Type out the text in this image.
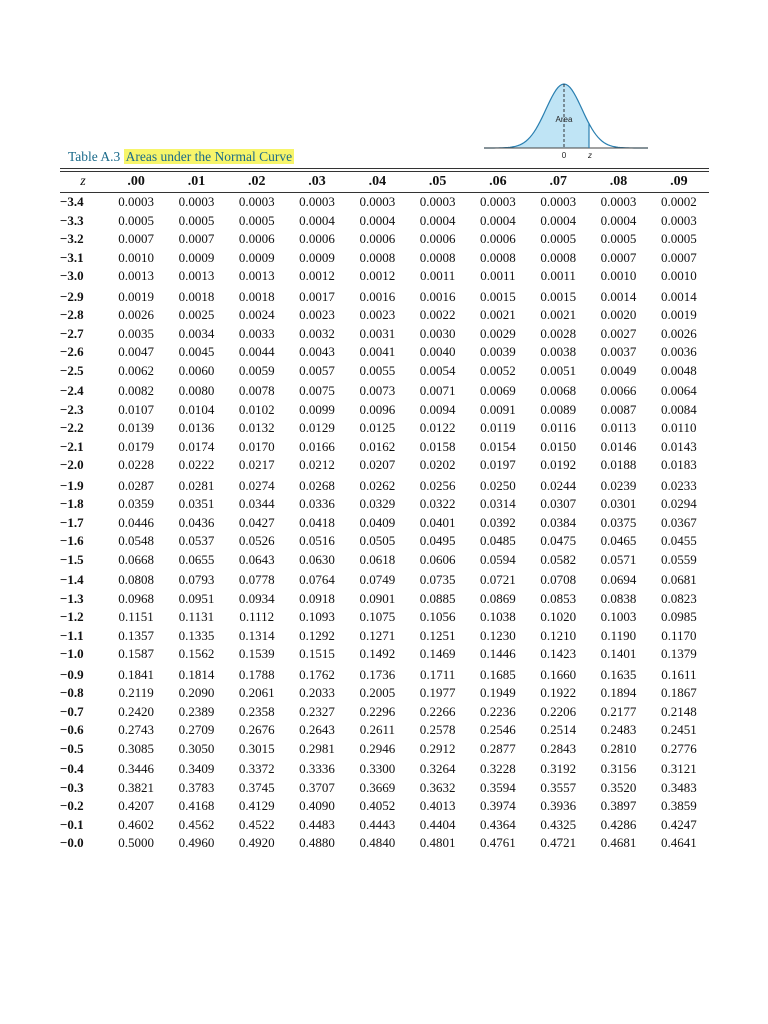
Area
0	z
Table A.3 Areas under the Normal Curve
z	.00	.01	.02	.03	.04	.05	.06	.07	.08	.09
−3.4	0.0003	0.0003	0.0003	0.0003	0.0003	0.0003	0.0003	0.0003	0.0003	0.0002
−3.3	0.0005	0.0005	0.0005	0.0004	0.0004	0.0004	0.0004	0.0004	0.0004	0.0003
−3.2	0.0007	0.0007	0.0006	0.0006	0.0006	0.0006	0.0006	0.0005	0.0005	0.0005
−3.1	0.0010	0.0009	0.0009	0.0009	0.0008	0.0008	0.0008	0.0008	0.0007	0.0007
−3.0	0.0013	0.0013	0.0013	0.0012	0.0012	0.0011	0.0011	0.0011	0.0010	0.0010
−2.9	0.0019	0.0018	0.0018	0.0017	0.0016	0.0016	0.0015	0.0015	0.0014	0.0014
−2.8	0.0026	0.0025	0.0024	0.0023	0.0023	0.0022	0.0021	0.0021	0.0020	0.0019
−2.7	0.0035	0.0034	0.0033	0.0032	0.0031	0.0030	0.0029	0.0028	0.0027	0.0026
−2.6	0.0047	0.0045	0.0044	0.0043	0.0041	0.0040	0.0039	0.0038	0.0037	0.0036
−2.5	0.0062	0.0060	0.0059	0.0057	0.0055	0.0054	0.0052	0.0051	0.0049	0.0048
−2.4	0.0082	0.0080	0.0078	0.0075	0.0073	0.0071	0.0069	0.0068	0.0066	0.0064
−2.3	0.0107	0.0104	0.0102	0.0099	0.0096	0.0094	0.0091	0.0089	0.0087	0.0084
−2.2	0.0139	0.0136	0.0132	0.0129	0.0125	0.0122	0.0119	0.0116	0.0113	0.0110
−2.1	0.0179	0.0174	0.0170	0.0166	0.0162	0.0158	0.0154	0.0150	0.0146	0.0143
−2.0	0.0228	0.0222	0.0217	0.0212	0.0207	0.0202	0.0197	0.0192	0.0188	0.0183
−1.9	0.0287	0.0281	0.0274	0.0268	0.0262	0.0256	0.0250	0.0244	0.0239	0.0233
−1.8	0.0359	0.0351	0.0344	0.0336	0.0329	0.0322	0.0314	0.0307	0.0301	0.0294
−1.7	0.0446	0.0436	0.0427	0.0418	0.0409	0.0401	0.0392	0.0384	0.0375	0.0367
−1.6	0.0548	0.0537	0.0526	0.0516	0.0505	0.0495	0.0485	0.0475	0.0465	0.0455
−1.5	0.0668	0.0655	0.0643	0.0630	0.0618	0.0606	0.0594	0.0582	0.0571	0.0559
−1.4	0.0808	0.0793	0.0778	0.0764	0.0749	0.0735	0.0721	0.0708	0.0694	0.0681
−1.3	0.0968	0.0951	0.0934	0.0918	0.0901	0.0885	0.0869	0.0853	0.0838	0.0823
−1.2	0.1151	0.1131	0.1112	0.1093	0.1075	0.1056	0.1038	0.1020	0.1003	0.0985
−1.1	0.1357	0.1335	0.1314	0.1292	0.1271	0.1251	0.1230	0.1210	0.1190	0.1170
−1.0	0.1587	0.1562	0.1539	0.1515	0.1492	0.1469	0.1446	0.1423	0.1401	0.1379
−0.9	0.1841	0.1814	0.1788	0.1762	0.1736	0.1711	0.1685	0.1660	0.1635	0.1611
−0.8	0.2119	0.2090	0.2061	0.2033	0.2005	0.1977	0.1949	0.1922	0.1894	0.1867
−0.7	0.2420	0.2389	0.2358	0.2327	0.2296	0.2266	0.2236	0.2206	0.2177	0.2148
−0.6	0.2743	0.2709	0.2676	0.2643	0.2611	0.2578	0.2546	0.2514	0.2483	0.2451
−0.5	0.3085	0.3050	0.3015	0.2981	0.2946	0.2912	0.2877	0.2843	0.2810	0.2776
−0.4	0.3446	0.3409	0.3372	0.3336	0.3300	0.3264	0.3228	0.3192	0.3156	0.3121
−0.3	0.3821	0.3783	0.3745	0.3707	0.3669	0.3632	0.3594	0.3557	0.3520	0.3483
−0.2	0.4207	0.4168	0.4129	0.4090	0.4052	0.4013	0.3974	0.3936	0.3897	0.3859
−0.1	0.4602	0.4562	0.4522	0.4483	0.4443	0.4404	0.4364	0.4325	0.4286	0.4247
−0.0	0.5000	0.4960	0.4920	0.4880	0.4840	0.4801	0.4761	0.4721	0.4681	0.4641
